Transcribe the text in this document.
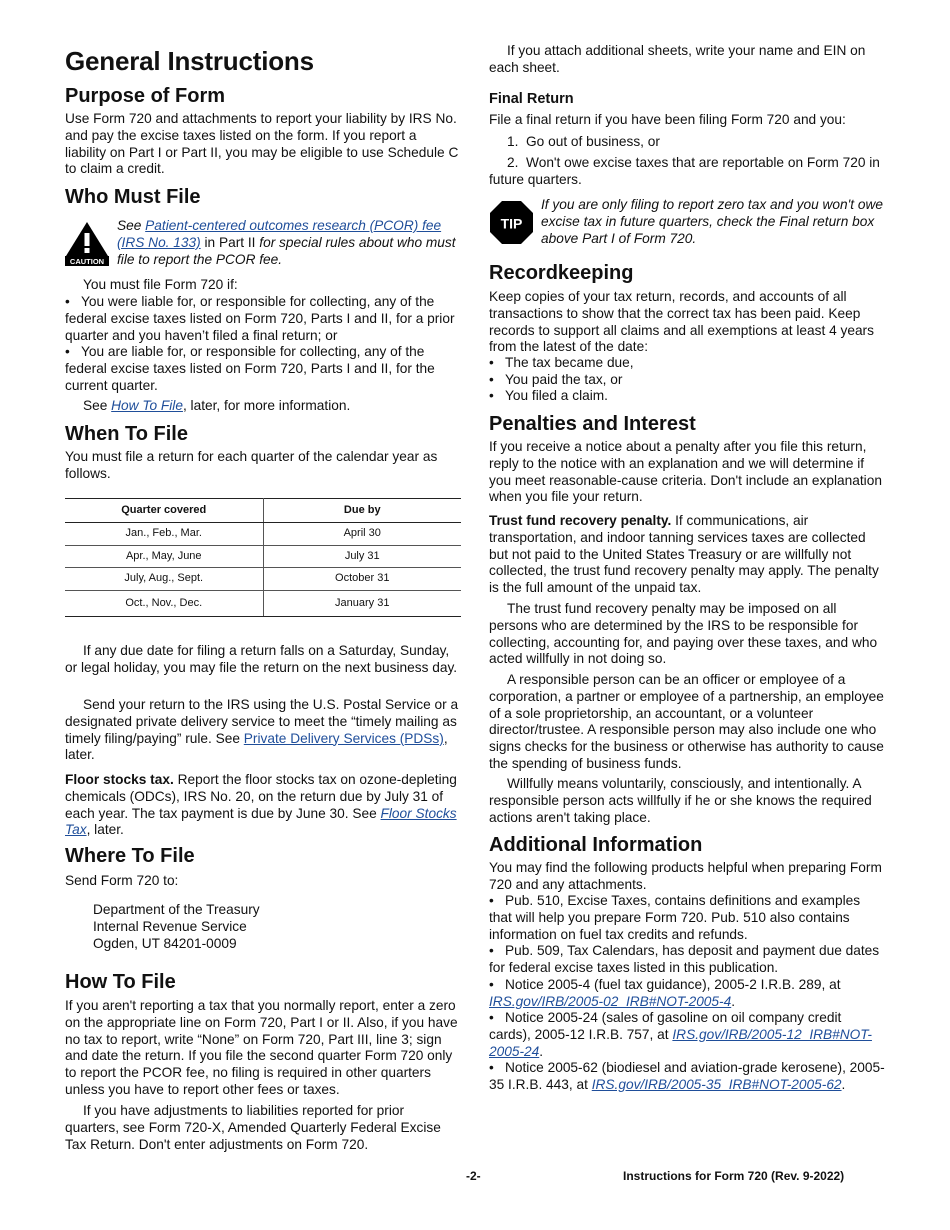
General Instructions
Purpose of Form
Use Form 720 and attachments to report your liability by IRS No. and pay the excise taxes listed on the form. If you report a liability on Part I or Part II, you may be eligible to use Schedule C to claim a credit.
Who Must File
CAUTION
See Patient-centered outcomes research (PCOR) fee (IRS No. 133) in Part II for special rules about who must file to report the PCOR fee.
You must file Form 720 if:
• You were liable for, or responsible for collecting, any of the federal excise taxes listed on Form 720, Parts I and II, for a prior quarter and you haven’t filed a final return; or
• You are liable for, or responsible for collecting, any of the federal excise taxes listed on Form 720, Parts I and II, for the current quarter.
See How To File, later, for more information.
When To File
You must file a return for each quarter of the calendar year as follows.
Quarter covered	Due by
Jan., Feb., Mar.	April 30
Apr., May, June	July 31
July, Aug., Sept.	October 31
Oct., Nov., Dec.	January 31
If any due date for filing a return falls on a Saturday, Sunday, or legal holiday, you may file the return on the next business day.
Send your return to the IRS using the U.S. Postal Service or a designated private delivery service to meet the “timely mailing as timely filing/paying” rule. See Private Delivery Services (PDSs), later.
Floor stocks tax. Report the floor stocks tax on ozone-depleting chemicals (ODCs), IRS No. 20, on the return due by July 31 of each year. The tax payment is due by June 30. See Floor Stocks Tax, later.
Where To File
Send Form 720 to:
Department of the Treasury
Internal Revenue Service
Ogden, UT 84201-0009
How To File
If you aren't reporting a tax that you normally report, enter a zero on the appropriate line on Form 720, Part I or II. Also, if you have no tax to report, write “None” on Form 720, Part III, line 3; sign and date the return. If you file the second quarter Form 720 only to report the PCOR fee, no filing is required in other quarters unless you have to report other fees or taxes.
If you have adjustments to liabilities reported for prior quarters, see Form 720-X, Amended Quarterly Federal Excise Tax Return. Don't enter adjustments on Form 720.
If you attach additional sheets, write your name and EIN on each sheet.
Final Return
File a final return if you have been filing Form 720 and you:
1. Go out of business, or
2. Won't owe excise taxes that are reportable on Form 720 in future quarters.
TIP
If you are only filing to report zero tax and you won't owe excise tax in future quarters, check the Final return box above Part I of Form 720.
Recordkeeping
Keep copies of your tax return, records, and accounts of all transactions to show that the correct tax has been paid. Keep records to support all claims and all exemptions at least 4 years from the latest of the date:
• The tax became due,
• You paid the tax, or
• You filed a claim.
Penalties and Interest
If you receive a notice about a penalty after you file this return, reply to the notice with an explanation and we will determine if you meet reasonable-cause criteria. Don't include an explanation when you file your return.
Trust fund recovery penalty. If communications, air transportation, and indoor tanning services taxes are collected but not paid to the United States Treasury or are willfully not collected, the trust fund recovery penalty may apply. The penalty is the full amount of the unpaid tax.
The trust fund recovery penalty may be imposed on all persons who are determined by the IRS to be responsible for collecting, accounting for, and paying over these taxes, and who acted willfully in not doing so.
A responsible person can be an officer or employee of a corporation, a partner or employee of a partnership, an employee of a sole proprietorship, an accountant, or a volunteer director/trustee. A responsible person may also include one who signs checks for the business or otherwise has authority to cause the spending of business funds.
Willfully means voluntarily, consciously, and intentionally. A responsible person acts willfully if he or she knows the required actions aren't taking place.
Additional Information
You may find the following products helpful when preparing Form 720 and any attachments.
• Pub. 510, Excise Taxes, contains definitions and examples that will help you prepare Form 720. Pub. 510 also contains information on fuel tax credits and refunds.
• Pub. 509, Tax Calendars, has deposit and payment due dates for federal excise taxes listed in this publication.
• Notice 2005-4 (fuel tax guidance), 2005-2 I.R.B. 289, at IRS.gov/IRB/2005-02_IRB#NOT-2005-4.
• Notice 2005-24 (sales of gasoline on oil company credit cards), 2005-12 I.R.B. 757, at IRS.gov/IRB/2005-12_IRB#NOT-2005-24.
• Notice 2005-62 (biodiesel and aviation-grade kerosene), 2005-35 I.R.B. 443, at IRS.gov/IRB/2005-35_IRB#NOT-2005-62.
-2-	Instructions for Form 720 (Rev. 9-2022)
